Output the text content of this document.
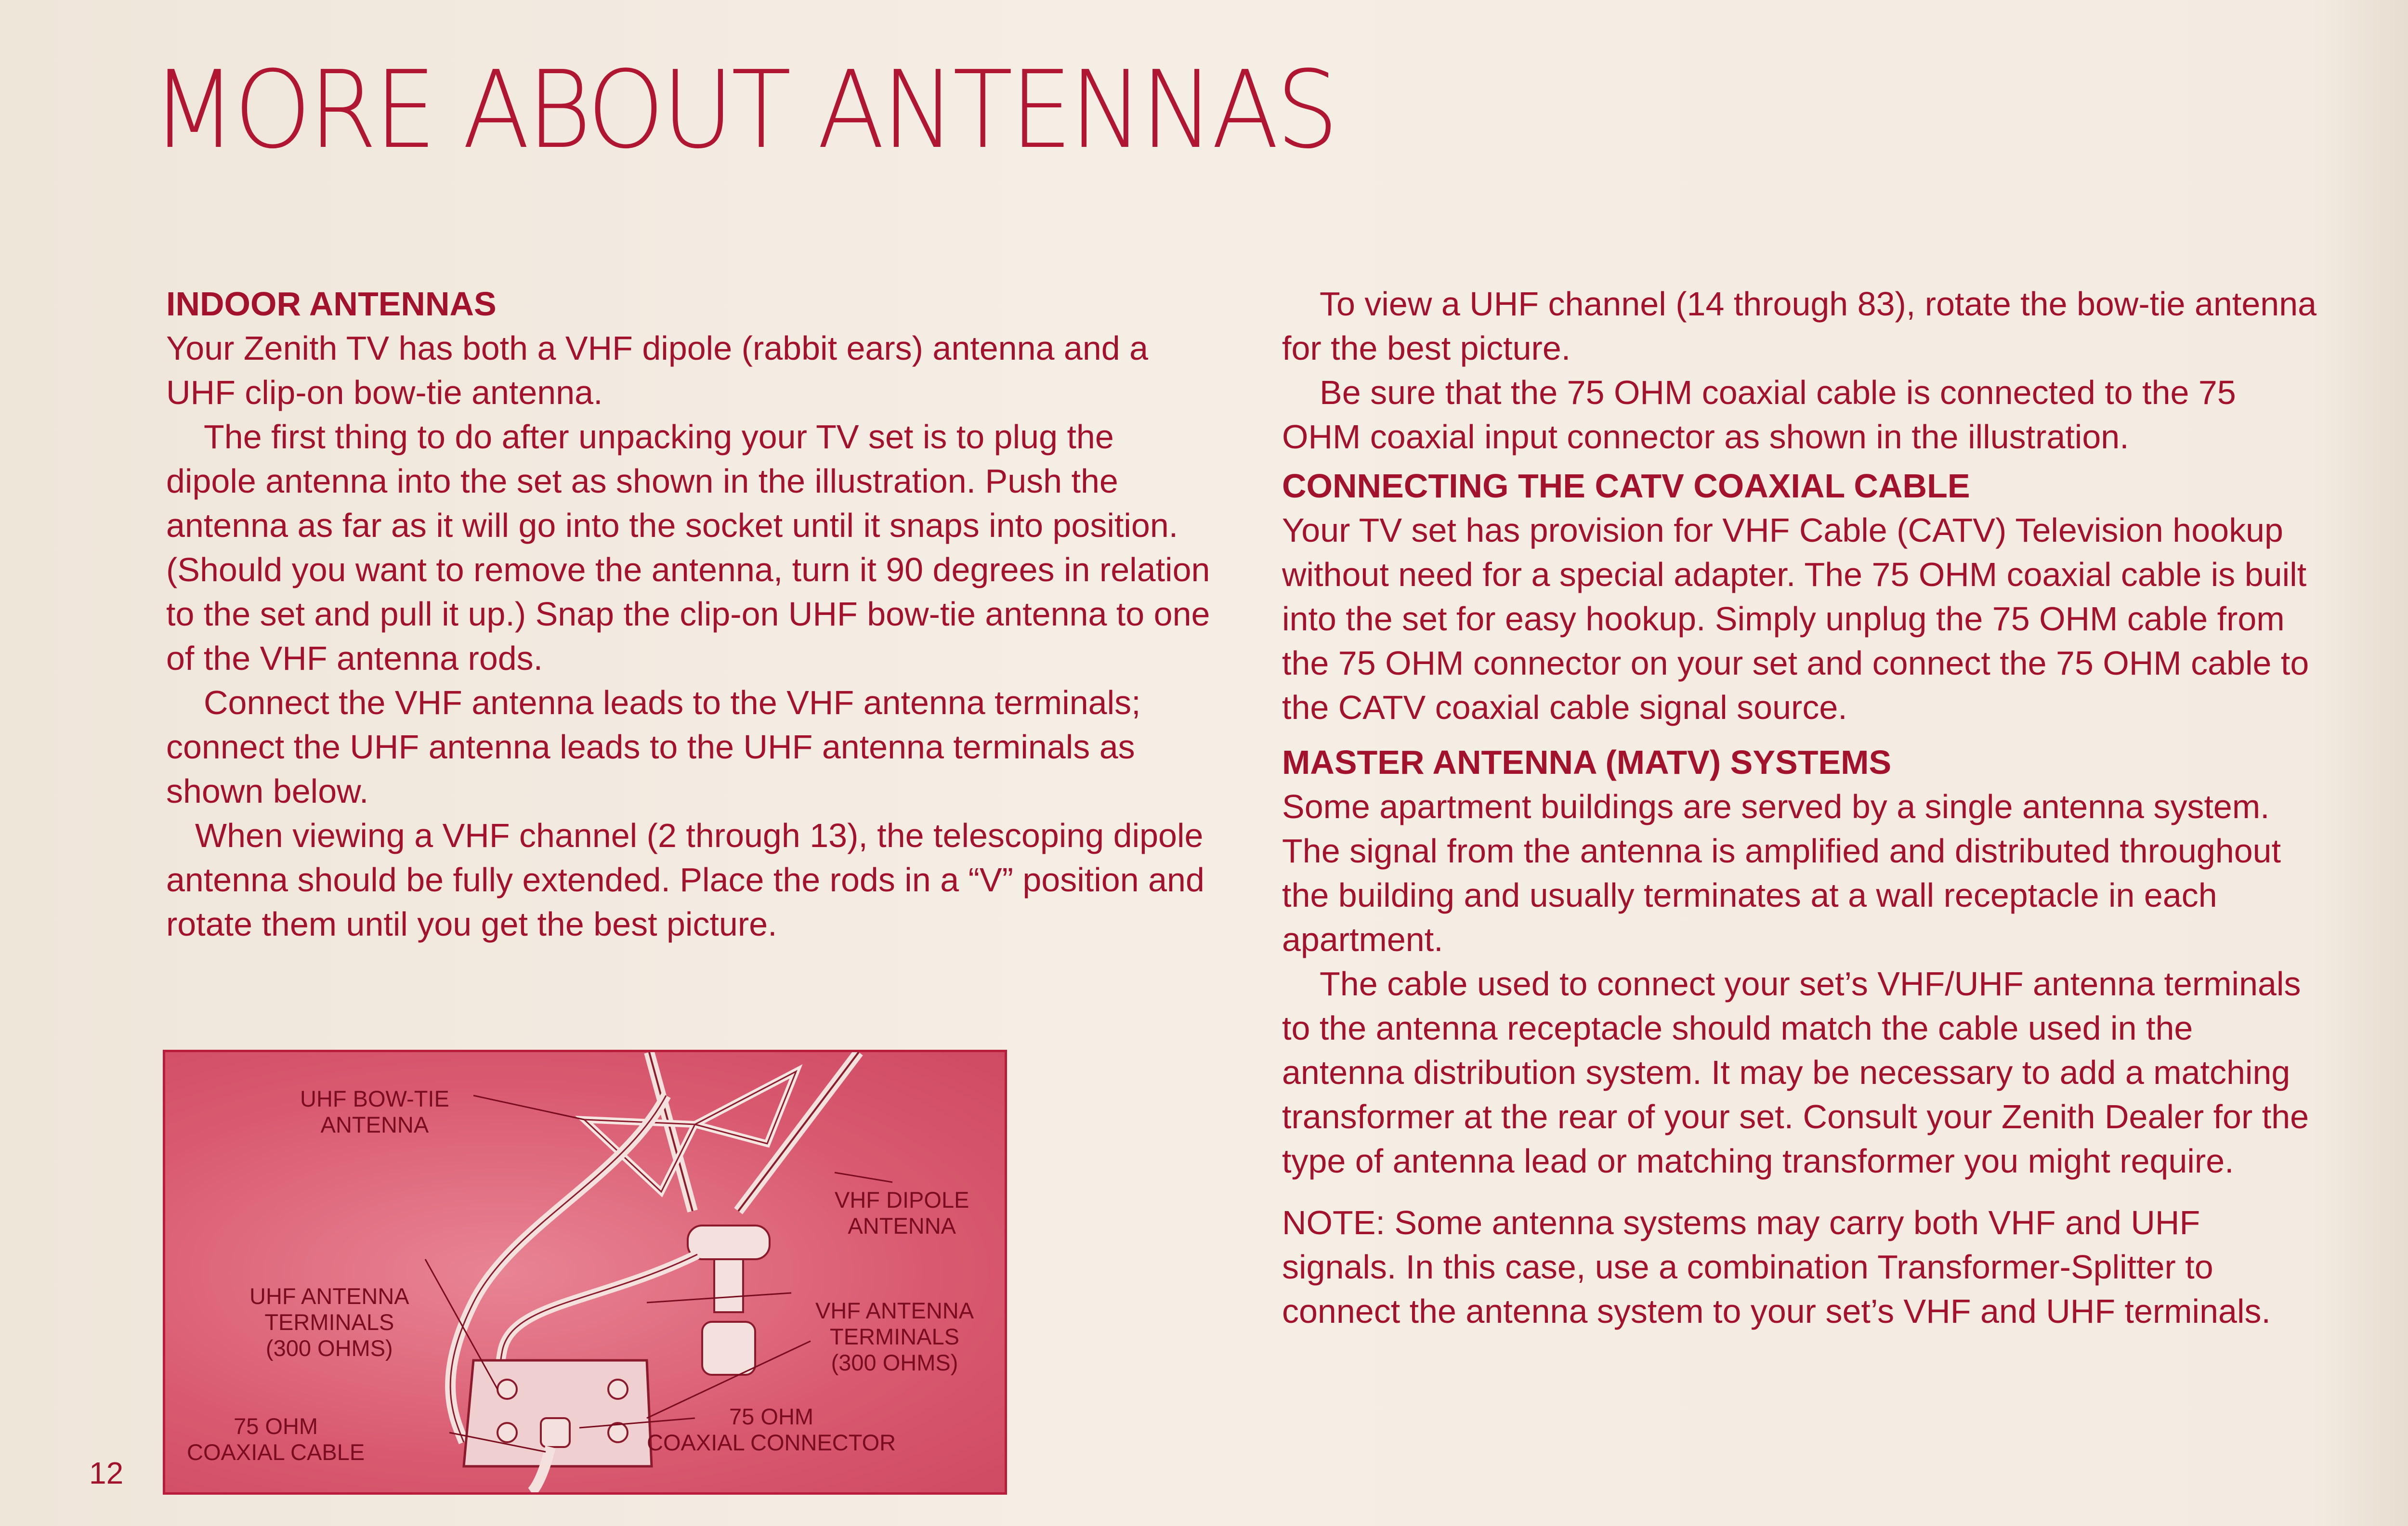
MORE ABOUT ANTENNAS

INDOOR ANTENNAS

Your Zenith TV has both a VHF dipole (rabbit ears) antenna and a UHF clip-on bow-tie antenna.

The first thing to do after unpacking your TV set is to plug the dipole antenna into the set as shown in the illustration. Push the antenna as far as it will go into the socket until it snaps into position. (Should you want to remove the antenna, turn it 90 degrees in relation to the set and pull it up.) Snap the clip-on UHF bow-tie antenna to one of the VHF antenna rods.

Connect the VHF antenna leads to the VHF antenna terminals; connect the UHF antenna leads to the UHF antenna terminals as shown below.

When viewing a VHF channel (2 through 13), the telescoping dipole antenna should be fully extended. Place the rods in a “V” position and rotate them until you get the best picture.

UHF BOW-TIE
ANTENNA
VHF DIPOLE
ANTENNA
UHF ANTENNA
TERMINALS
(300 OHMS)
VHF ANTENNA
TERMINALS
(300 OHMS)
75 OHM
COAXIAL CABLE
75 OHM
COAXIAL CONNECTOR
12

To view a UHF channel (14 through 83), rotate the bow-tie antenna for the best picture.

Be sure that the 75 OHM coaxial cable is connected to the 75 OHM coaxial input connector as shown in the illustration.

CONNECTING THE CATV COAXIAL CABLE

Your TV set has provision for VHF Cable (CATV) Television hookup without need for a special adapter. The 75 OHM coaxial cable is built into the set for easy hookup. Simply unplug the 75 OHM cable from the 75 OHM connector on your set and connect the 75 OHM cable to the CATV coaxial cable signal source.

MASTER ANTENNA (MATV) SYSTEMS

Some apartment buildings are served by a single antenna system. The signal from the antenna is amplified and distributed throughout the building and usually terminates at a wall receptacle in each apartment.

The cable used to connect your set’s VHF/UHF antenna terminals to the antenna receptacle should match the cable used in the antenna distribution system. It may be necessary to add a matching transformer at the rear of your set. Consult your Zenith Dealer for the type of antenna lead or matching transformer you might require.

NOTE: Some antenna systems may carry both VHF and UHF signals. In this case, use a combination Transformer-Splitter to connect the antenna system to your set’s VHF and UHF terminals.
